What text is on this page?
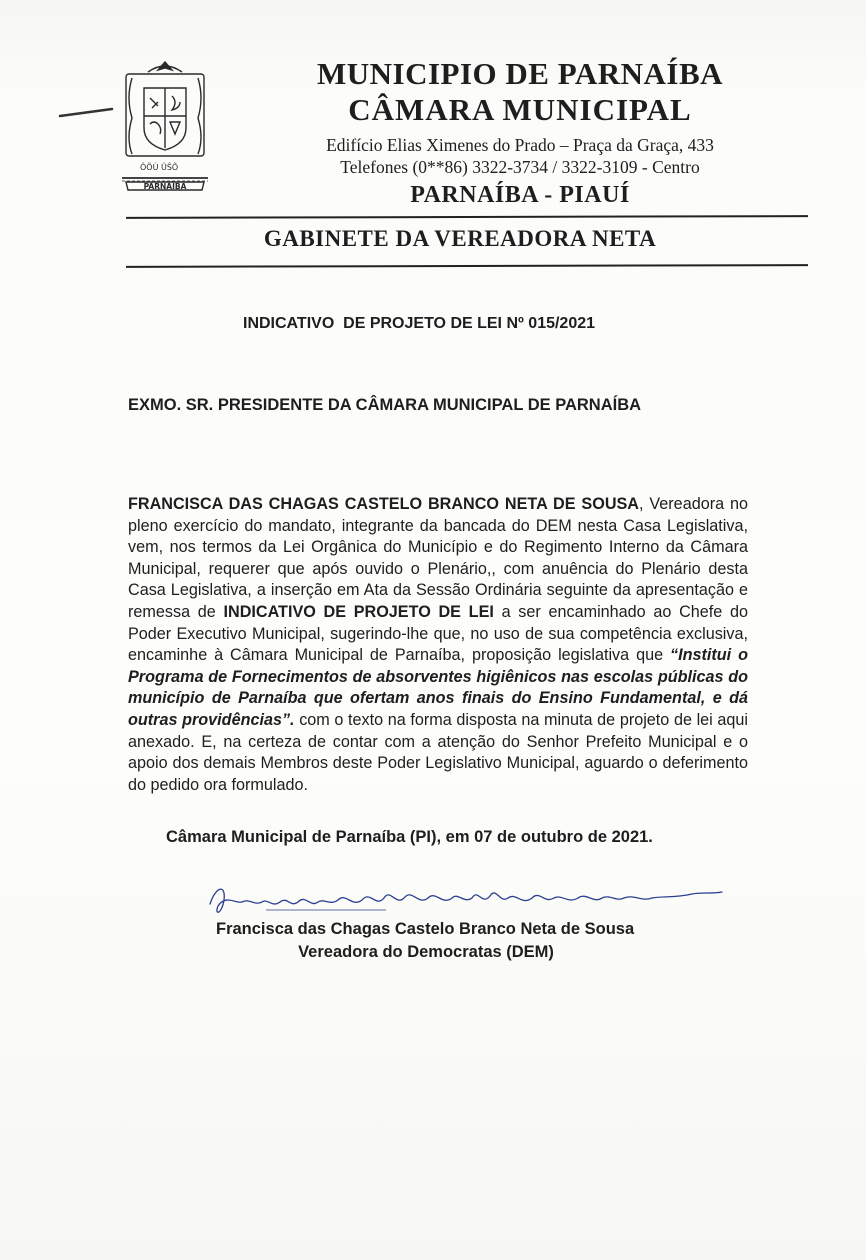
ÔÕÚ ÛŜÕ
PARNAÍBA
MUNICIPIO DE PARNAÍBA
CÂMARA MUNICIPAL
Edifício Elias Ximenes do Prado – Praça da Graça, 433
Telefones (0**86) 3322-3734 / 3322-3109 - Centro
PARNAÍBA - PIAUÍ
GABINETE DA VEREADORA NETA
INDICATIVO  DE PROJETO DE LEI Nº 015/2021
EXMO. SR. PRESIDENTE DA CÂMARA MUNICIPAL DE PARNAÍBA
FRANCISCA DAS CHAGAS CASTELO BRANCO NETA DE SOUSA, Vereadora no pleno exercício do mandato, integrante da bancada do DEM nesta Casa Legislativa, vem, nos termos da Lei Orgânica do Município e do Regimento Interno da Câmara Municipal, requerer que após ouvido o Plenário,, com anuência do Plenário desta Casa Legislativa, a inserção em Ata da Sessão Ordinária seguinte da apresentação e remessa de INDICATIVO DE PROJETO DE LEI a ser encaminhado ao Chefe do Poder Executivo Municipal, sugerindo-lhe que, no uso de sua competência exclusiva, encaminhe à Câmara Municipal de Parnaíba, proposição legislativa que “Institui o Programa de Fornecimentos de absorventes higiênicos nas escolas públicas do município de Parnaíba que ofertam anos finais do Ensino Fundamental, e dá outras providências”. com o texto na forma disposta na minuta de projeto de lei aqui anexado. E, na certeza de contar com a atenção do Senhor Prefeito Municipal e o apoio dos demais Membros deste Poder Legislativo Municipal, aguardo o deferimento do pedido ora formulado.
Câmara Municipal de Parnaíba (PI), em 07 de outubro de 2021.
Francisca das Chagas Castelo Branco Neta de Sousa
Vereadora do Democratas (DEM)
